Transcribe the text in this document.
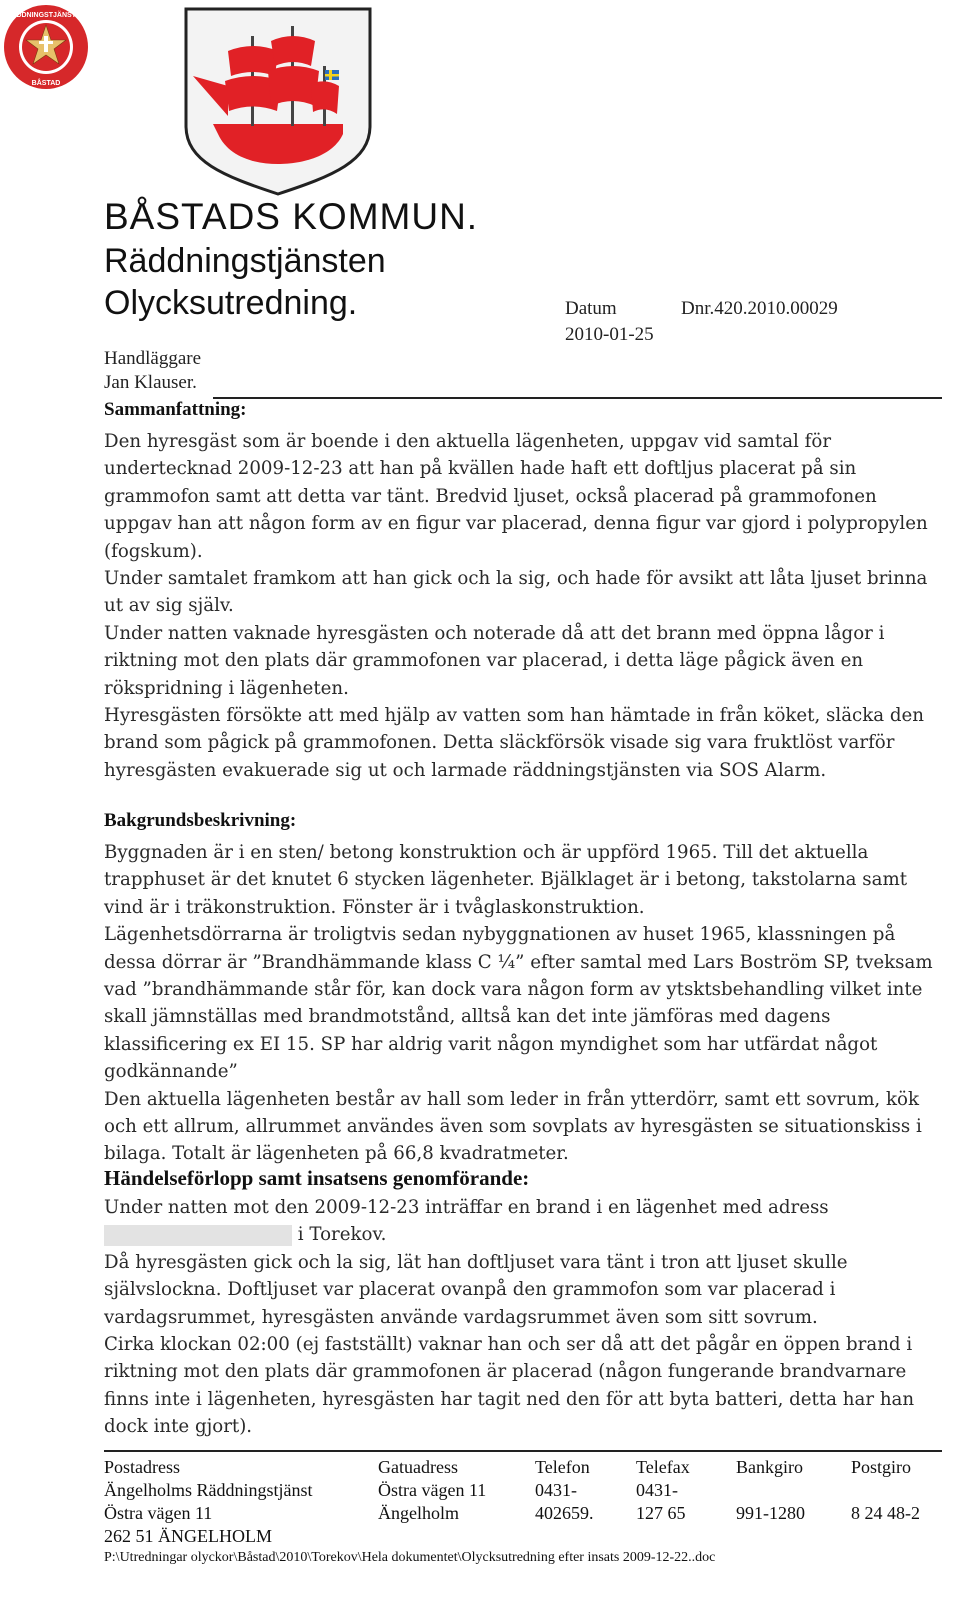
RÄDDNINGSTJÄNSTEN
BÅSTAD
BÅSTADS KOMMUN.
Räddningstjänsten
Olycksutredning.	Datum	Dnr.420.2010.00029
2010-01-25
Handläggare
Jan Klauser.
Sammanfattning:

Den hyresgäst som är boende i den aktuella lägenheten, uppgav vid samtal för undertecknad 2009-12-23 att han på kvällen hade haft ett doftljus placerat på sin grammofon samt att detta var tänt. Bredvid ljuset, också placerad på grammofonen uppgav han att någon form av en figur var placerad, denna figur var gjord i polypropylen (fogskum).

Under samtalet framkom att han gick och la sig, och hade för avsikt att låta ljuset brinna ut av sig själv.

Under natten vaknade hyresgästen och noterade då att det brann med öppna lågor i riktning mot den plats där grammofonen var placerad, i detta läge pågick även en rökspridning i lägenheten.

Hyresgästen försökte att med hjälp av vatten som han hämtade in från köket, släcka den brand som pågick på grammofonen. Detta släckförsök visade sig vara fruktlöst varför hyresgästen evakuerade sig ut och larmade räddningstjänsten via SOS Alarm.

Bakgrundsbeskrivning:

Byggnaden är i en sten/ betong konstruktion och är uppförd 1965. Till det aktuella trapphuset är det knutet 6 stycken lägenheter. Bjälklaget är i betong, takstolarna samt vind är i träkonstruktion. Fönster är i tvåglaskonstruktion.

Lägenhetsdörrarna är troligtvis sedan nybyggnationen av huset 1965, klassningen på dessa dörrar är ”Brandhämmande klass C ¼” efter samtal med Lars Boström SP, tveksam vad ”brandhämmande står för, kan dock vara någon form av ytsktsbehandling vilket inte skall jämnställas med brandmotstånd, alltså kan det inte jämföras med dagens klassificering ex EI 15. SP har aldrig varit någon myndighet som har utfärdat något godkännande”

Den aktuella lägenheten består av hall som leder in från ytterdörr, samt ett sovrum, kök och ett allrum, allrummet användes även som sovplats av hyresgästen se situationskiss i bilaga. Totalt är lägenheten på 66,8 kvadratmeter.

Händelseförlopp samt insatsens genomförande:

Under natten mot den 2009-12-23 inträffar en brand i en lägenhet med adress
i Torekov.

Då hyresgästen gick och la sig, lät han doftljuset vara tänt i tron att ljuset skulle självslockna. Doftljuset var placerat ovanpå den grammofon som var placerad i vardagsrummet, hyresgästen använde vardagsrummet även som sitt sovrum.

Cirka klockan 02:00 (ej fastställt) vaknar han och ser då att det pågår en öppen brand i riktning mot den plats där grammofonen är placerad (någon fungerande brandvarnare finns inte i lägenheten, hyresgästen har tagit ned den för att byta batteri, detta har han dock inte gjort).

Postadress
Ängelholms Räddningstjänst
Östra vägen 11
262 51 ÄNGELHOLM
Gatuadress
Östra vägen 11
Ängelholm
Telefon
0431-
402659.
Telefax
0431-
127 65
Bankgiro

991-1280
Postgiro

8 24 48-2
P:\Utredningar olyckor\Båstad\2010\Torekov\Hela dokumentet\Olycksutredning efter insats 2009-12-22..doc
